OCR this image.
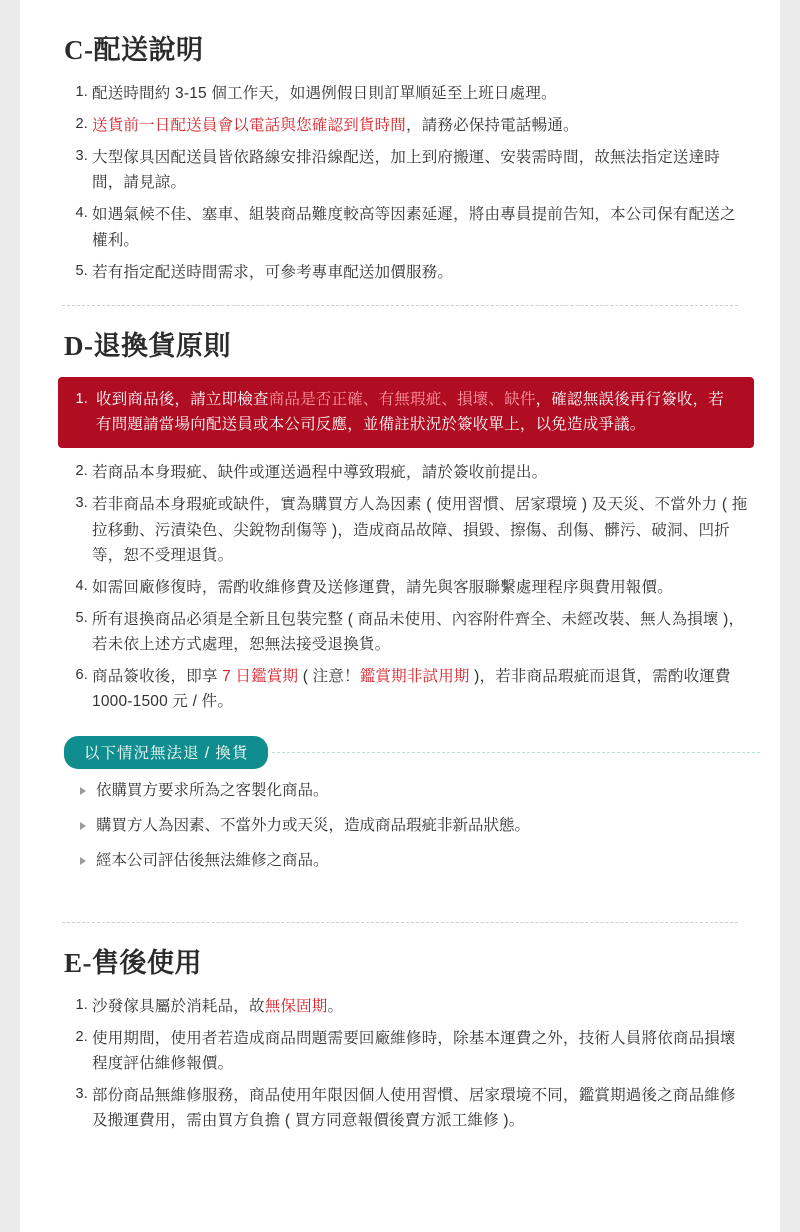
C-配送說明
配送時間約 3-15 個工作天，如遇例假日則訂單順延至上班日處理。
送貨前一日配送員會以電話與您確認到貨時間，請務必保持電話暢通。
大型傢具因配送員皆依路線安排沿線配送，加上到府搬運、安裝需時間，故無法指定送達時間，請見諒。
如遇氣候不佳、塞車、組裝商品難度較高等因素延遲，將由專員提前告知，本公司保有配送之權利。
若有指定配送時間需求，可參考專車配送加價服務。
D-退換貨原則
收到商品後，請立即檢查商品是否正確、有無瑕疵、損壞、缺件，確認無誤後再行簽收，若有問題請當場向配送員或本公司反應，並備註狀況於簽收單上，以免造成爭議。
若商品本身瑕疵、缺件或運送過程中導致瑕疵，請於簽收前提出。
若非商品本身瑕疵或缺件，實為購買方人為因素 ( 使用習慣、居家環境 ) 及天災、不當外力 ( 拖拉移動、污漬染色、尖銳物刮傷等 )，造成商品故障、損毀、擦傷、刮傷、髒污、破洞、凹折等，恕不受理退貨。
如需回廠修復時，需酌收維修費及送修運費，請先與客服聯繫處理程序與費用報價。
所有退換商品必須是全新且包裝完整 ( 商品未使用、內容附件齊全、未經改裝、無人為損壞 )，若未依上述方式處理，恕無法接受退換貨。
商品簽收後，即享 7 日鑑賞期 ( 注意！鑑賞期非試用期 )，若非商品瑕疵而退貨，需酌收運費 1000-1500 元 / 件。
以下情況無法退 / 換貨
依購買方要求所為之客製化商品。
購買方人為因素、不當外力或天災，造成商品瑕疵非新品狀態。
經本公司評估後無法維修之商品。
E-售後使用
沙發傢具屬於消耗品，故無保固期。
使用期間，使用者若造成商品問題需要回廠維修時，除基本運費之外，技術人員將依商品損壞程度評估維修報價。
部份商品無維修服務，商品使用年限因個人使用習慣、居家環境不同，鑑賞期過後之商品維修及搬運費用，需由買方負擔 ( 買方同意報價後賣方派工維修 )。
